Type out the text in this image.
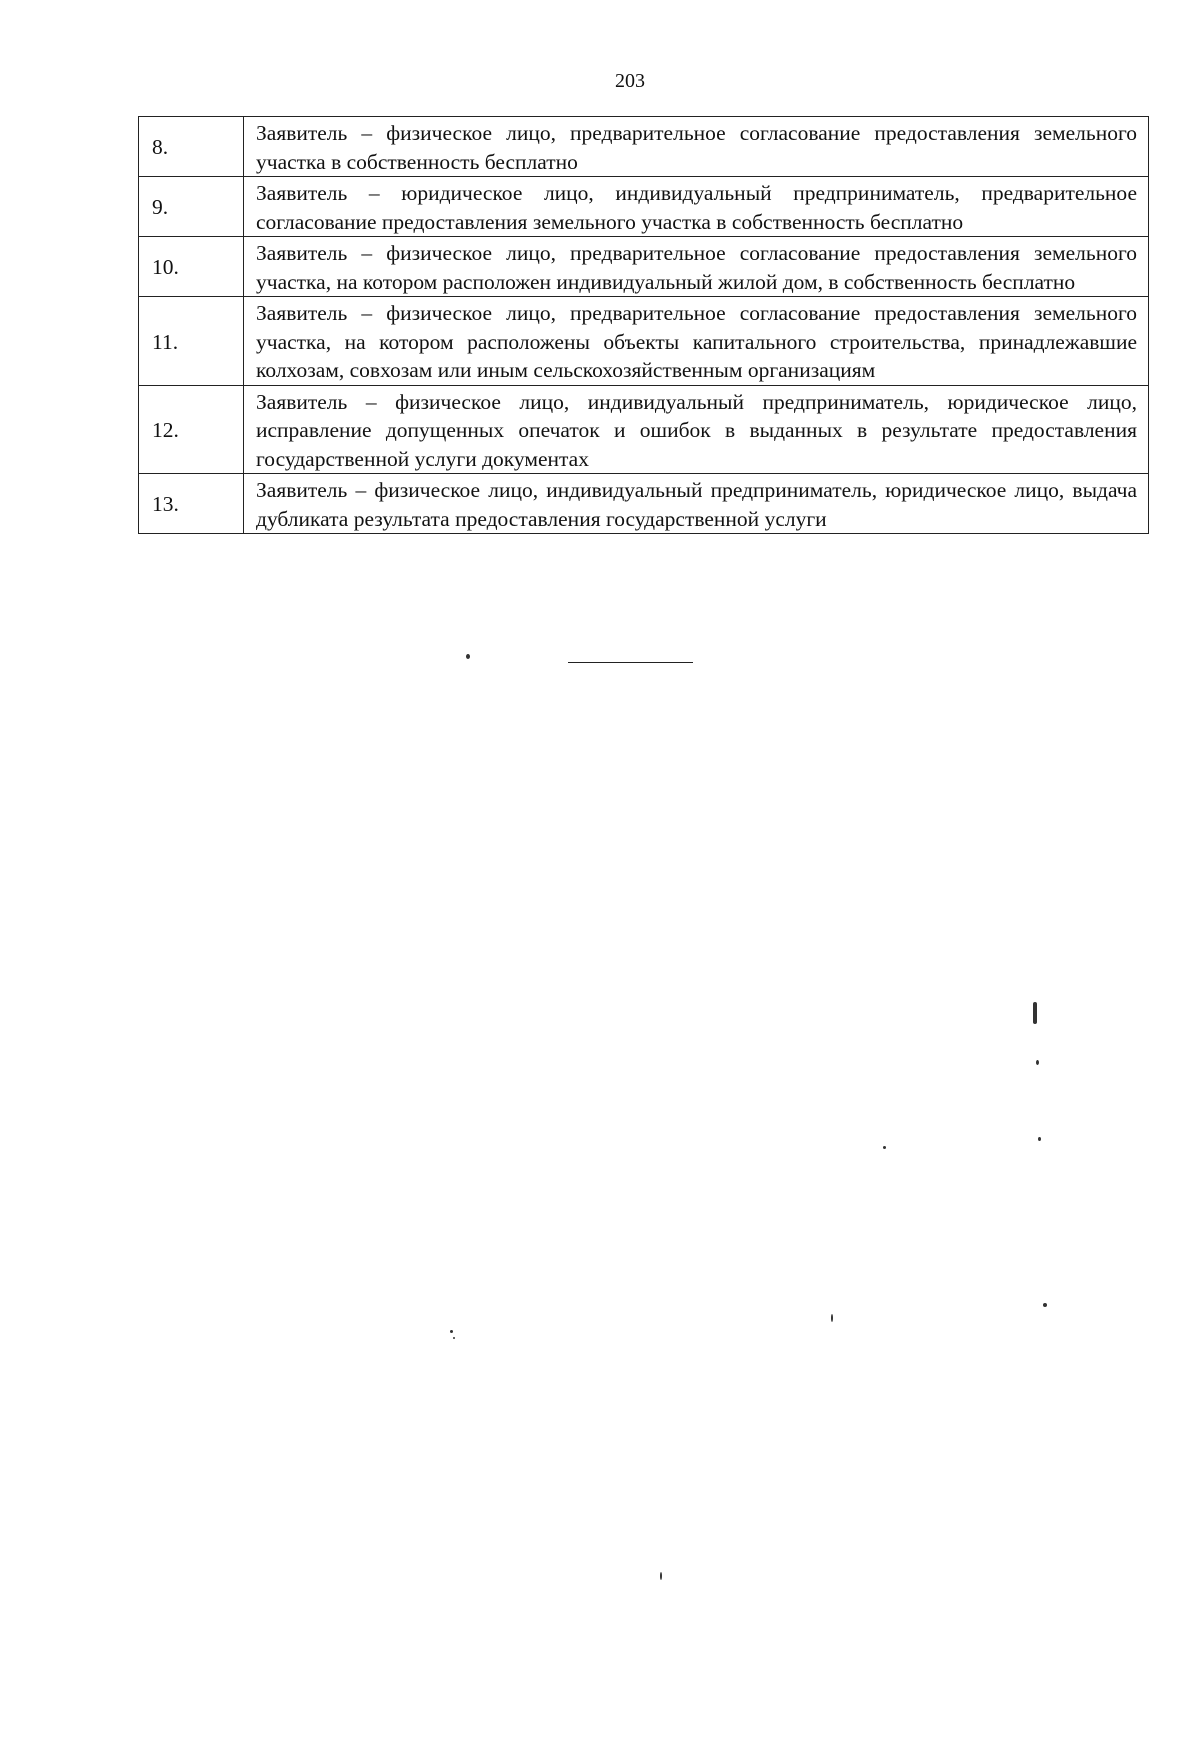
203
8.	Заявитель – физическое лицо, предварительное согласование предоставления земельного участка в собственность бесплатно
9.	Заявитель – юридическое лицо, индивидуальный предприниматель, предварительное согласование предоставления земельного участка в собственность бесплатно
10.	Заявитель – физическое лицо, предварительное согласование предоставления земельного участка, на котором расположен индивидуальный жилой дом, в собственность бесплатно
11.	Заявитель – физическое лицо, предварительное согласование предоставления земельного участка, на котором расположены объекты капитального строительства, принадлежавшие колхозам, совхозам или иным сельскохозяйственным организациям
12.	Заявитель – физическое лицо, индивидуальный предприниматель, юридическое лицо, исправление допущенных опечаток и ошибок в выданных в результате предоставления государственной услуги документах
13.	Заявитель – физическое лицо, индивидуальный предприниматель, юридическое лицо, выдача дубликата результата предоставления государственной услуги
